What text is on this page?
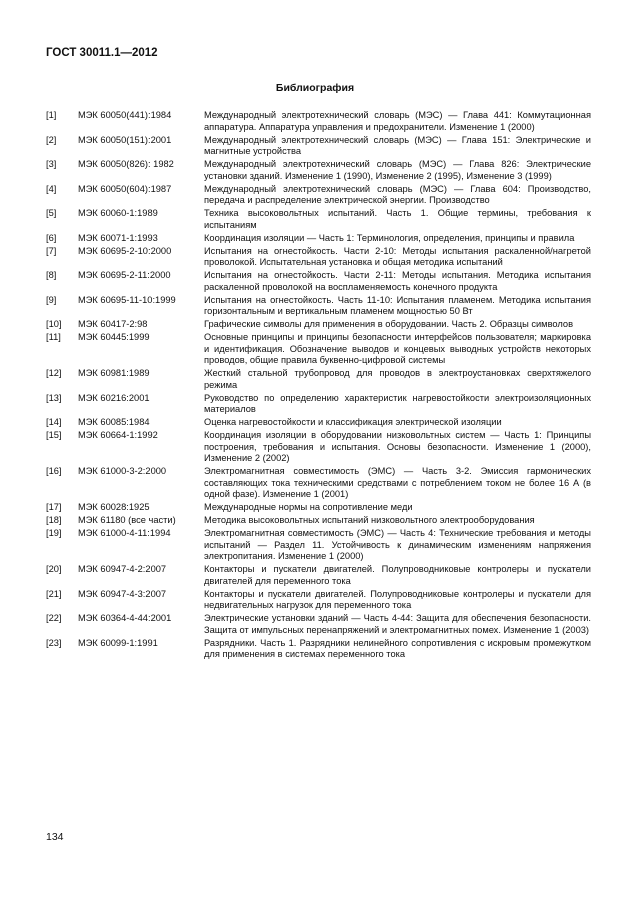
ГОСТ 30011.1—2012
Библиография
[1] МЭК 60050(441):1984	Международный электротехнический словарь (МЭС) — Глава 441: Коммутационная аппаратура. Аппаратура управления и предохранители. Изменение 1 (2000)
[2] МЭК 60050(151):2001	Международный электротехнический словарь (МЭС) — Глава 151: Электрические и магнитные устройства
[3] МЭК 60050(826): 1982	Международный электротехнический словарь (МЭС) — Глава 826: Электрические установки зданий. Изменение 1 (1990), Изменение 2 (1995), Изменение 3 (1999)
[4] МЭК 60050(604):1987	Международный электротехнический словарь (МЭС) — Глава 604: Производство, передача и распределение электрической энергии. Производство
[5] МЭК 60060-1:1989	Техника высоковольтных испытаний. Часть 1. Общие термины, требования к испытаниям
[6] МЭК 60071-1:1993	Координация изоляции — Часть 1: Терминология, определения, принципы и правила
[7] МЭК 60695-2-10:2000	Испытания на огнестойкость. Части 2-10: Методы испытания раскаленной/нагретой проволокой. Испытательная установка и общая методика испытаний
[8] МЭК 60695-2-11:2000	Испытания на огнестойкость. Части 2-11: Методы испытания. Методика испытания раскаленной проволокой на воспламеняемость конечного продукта
[9] МЭК 60695-11-10:1999	Испытания на огнестойкость. Часть 11-10: Испытания пламенем. Методика испытания горизонтальным и вертикальным пламенем мощностью 50 Вт
[10] МЭК 60417-2:98	Графические символы для применения в оборудовании. Часть 2. Образцы символов
[11] МЭК 60445:1999	Основные принципы и принципы безопасности интерфейсов пользователя; маркировка и идентификация. Обозначение выводов и концевых выводных устройств некоторых проводов, общие правила буквенно-цифровой системы
[12] МЭК 60981:1989	Жесткий стальной трубопровод для проводов в электроустановках сверхтяжелого режима
[13] МЭК 60216:2001	Руководство по определению характеристик нагревостойкости электроизоляционных материалов
[14] МЭК 60085:1984	Оценка нагревостойкости и классификация электрической изоляции
[15] МЭК 60664-1:1992	Координация изоляции в оборудовании низковольтных систем — Часть 1: Принципы построения, требования и испытания. Основы безопасности. Изменение 1 (2000), Изменение 2 (2002)
[16] МЭК 61000-3-2:2000	Электромагнитная совместимость (ЭМС) — Часть 3-2. Эмиссия гармонических составляющих тока техническими средствами с потреблением током не более 16 А (в одной фазе). Изменение 1 (2001)
[17] МЭК 60028:1925	Международные нормы на сопротивление меди
[18] МЭК 61180 (все части)	Методика высоковольтных испытаний низковольтного электрооборудования
[19] МЭК 61000-4-11:1994	Электромагнитная совместимость (ЭМС) — Часть 4: Технические требования и методы испытаний — Раздел 11. Устойчивость к динамическим изменениям напряжения электропитания. Изменение 1 (2000)
[20] МЭК 60947-4-2:2007	Контакторы и пускатели двигателей. Полупроводниковые контролеры и пускатели двигателей для переменного тока
[21] МЭК 60947-4-3:2007	Контакторы и пускатели двигателей. Полупроводниковые контролеры и пускатели для недвигательных нагрузок для переменного тока
[22] МЭК 60364-4-44:2001	Электрические установки зданий — Часть 4-44: Защита для обеспечения безопасности. Защита от импульсных перенапряжений и электромагнитных помех. Изменение 1 (2003)
[23] МЭК 60099-1:1991	Разрядники. Часть 1. Разрядники нелинейного сопротивления с искровым промежутком для применения в системах переменного тока
134
